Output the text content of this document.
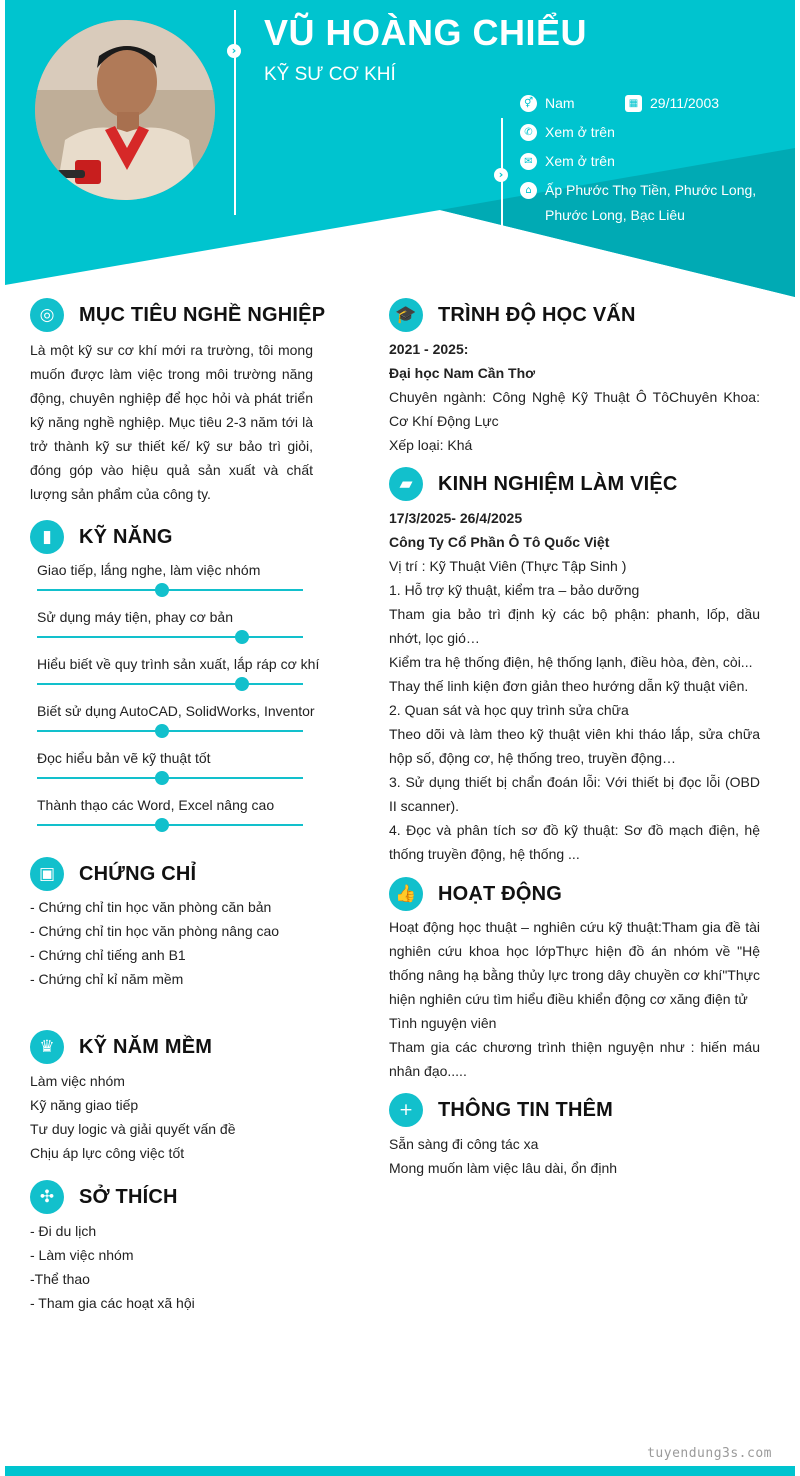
› VŨ HOÀNG CHIỂU
KỸ SƯ CƠ KHÍ
›
⚥ Nam	▦ 29/11/2003
✆ Xem ở trên
✉ Xem ở trên
⌂ Ấp Phước Thọ Tiền, Phước Long,
Phước Long, Bạc Liêu
◎	MỤC TIÊU NGHỀ NGHIỆP
Là một kỹ sư cơ khí mới ra trường, tôi mong muốn được làm việc trong môi trường năng động, chuyên nghiệp để học hỏi và phát triển kỹ năng nghề nghiệp. Mục tiêu 2-3 năm tới là trở thành kỹ sư thiết kế/ kỹ sư bảo trì giỏi, đóng góp vào hiệu quả sản xuất và chất lượng sản phẩm của công ty.
▮	KỸ NĂNG
Giao tiếp, lắng nghe, làm việc nhóm
Sử dụng máy tiện, phay cơ bản
Hiểu biết về quy trình sản xuất, lắp ráp cơ khí
Biết sử dụng AutoCAD, SolidWorks, Inventor
Đọc hiểu bản vẽ kỹ thuật tốt
Thành thạo các Word, Excel nâng cao
▣	CHỨNG CHỈ
- Chứng chỉ tin học văn phòng căn bản
- Chứng chỉ tin học văn phòng nâng cao
- Chứng chỉ tiếng anh B1
- Chứng chỉ kỉ năm mềm
♛	KỸ NĂM MỀM
Làm việc nhóm
Kỹ năng giao tiếp
Tư duy logic và giải quyết vấn đề
Chịu áp lực công việc tốt
✣	SỞ THÍCH
- Đi du lịch
- Làm việc nhóm
-Thể thao
- Tham gia các hoạt xã hội
🎓	TRÌNH ĐỘ HỌC VẤN
2021 - 2025:
Đại học Nam Cần Thơ
Chuyên ngành: Công Nghệ Kỹ Thuật Ô TôChuyên Khoa: Cơ Khí Động Lực
Xếp loại: Khá
▰	KINH NGHIỆM LÀM VIỆC
17/3/2025- 26/4/2025
Công Ty Cổ Phần Ô Tô Quốc Việt
Vị trí : Kỹ Thuật Viên (Thực Tập Sinh )
1. Hỗ trợ kỹ thuật, kiểm tra – bảo dưỡng
Tham gia bảo trì định kỳ các bộ phận: phanh, lốp, dầu nhớt, lọc gió…
Kiểm tra hệ thống điện, hệ thống lạnh, điều hòa, đèn, còi...
Thay thế linh kiện đơn giản theo hướng dẫn kỹ thuật viên.
2. Quan sát và học quy trình sửa chữa
Theo dõi và làm theo kỹ thuật viên khi tháo lắp, sửa chữa hộp số, động cơ, hệ thống treo, truyền động…
3. Sử dụng thiết bị chẩn đoán lỗi: Với thiết bị đọc lỗi (OBD II scanner).
4. Đọc và phân tích sơ đồ kỹ thuật: Sơ đồ mạch điện, hệ thống truyền động, hệ thống ...
👍	HOẠT ĐỘNG
Hoạt động học thuật – nghiên cứu kỹ thuật:Tham gia đề tài nghiên cứu khoa học lớpThực hiện đồ án nhóm về "Hệ thống nâng hạ bằng thủy lực trong dây chuyền cơ khí"Thực hiện nghiên cứu tìm hiểu điều khiển động cơ xăng điện tử
Tình nguyện viên
Tham gia các chương trình thiện nguyện như : hiến máu nhân đạo.....
+	THÔNG TIN THÊM
Sẵn sàng đi công tác xa
Mong muốn làm việc lâu dài, ổn định
tuyendung3s.com
